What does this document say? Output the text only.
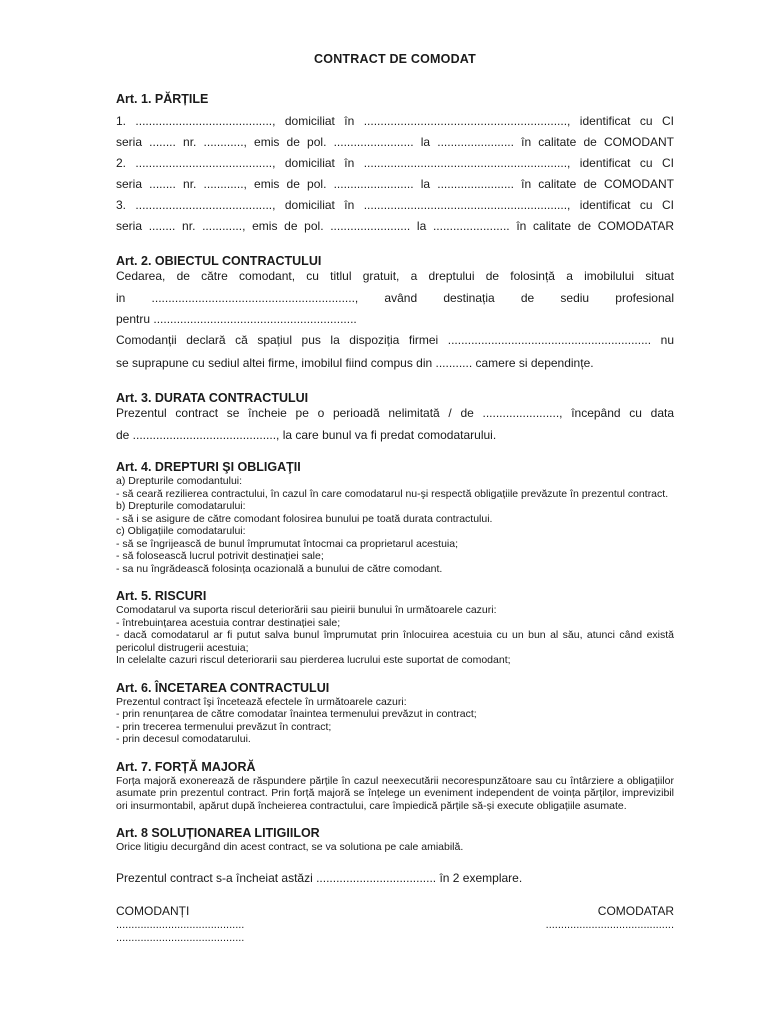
CONTRACT DE COMODAT
Art. 1. PĂRȚILE
1. ........................................., domiciliat în ............................................................., identificat cu CI
seria ........ nr. ............, emis de pol. ........................ la ....................... în calitate de COMODANT
2. ........................................., domiciliat în ............................................................., identificat cu CI
seria ........ nr. ............, emis de pol. ........................ la ....................... în calitate de COMODANT
3. ........................................., domiciliat în ............................................................., identificat cu CI
seria ........ nr. ............, emis de pol. ........................ la ....................... în calitate de COMODATAR
Art. 2. OBIECTUL CONTRACTULUI
Cedarea, de către comodant, cu titlul gratuit, a dreptului de folosință a imobilului situat
in ............................................................., având destinația de sediu profesional
pentru .............................................................
Comodanții declară că spațiul pus la dispoziția firmei ............................................................. nu
se suprapune cu sediul altei firme, imobilul fiind compus din ........... camere si dependințe.
Art. 3. DURATA CONTRACTULUI
Prezentul contract se încheie pe o perioadă nelimitată / de ......................., începând cu data
de ..........................................., la care bunul va fi predat comodatarului.
Art. 4. DREPTURI ŞI OBLIGAŢII
a) Drepturile comodantului:
- să ceară rezilierea contractului, în cazul în care comodatarul nu-şi respectă obligațiile prevăzute în prezentul contract.
b) Drepturile comodatarului:
- să i se asigure de către comodant folosirea bunului pe toată durata contractului.
c) Obligațiile comodatarului:
- să se îngrijească de bunul împrumutat întocmai ca proprietarul acestuia;
- să folosească lucrul potrivit destinației sale;
- sa nu îngrădească folosința ocazională a bunului de către comodant.
Art. 5. RISCURI
Comodatarul va suporta riscul deteriorării sau pieirii bunului în următoarele cazuri:
- întrebuințarea acestuia contrar destinației sale;
- dacă comodatarul ar fi putut salva bunul împrumutat prin înlocuirea acestuia cu un bun al său, atunci când există pericolul distrugerii acestuia;
In celelalte cazuri riscul deteriorarii sau pierderea lucrului este suportat de comodant;
Art. 6. ÎNCETAREA CONTRACTULUI
Prezentul contract îşi încetează efectele în următoarele cazuri:
- prin renunțarea de către comodatar înaintea termenului prevăzut in contract;
- prin trecerea termenului prevăzut în contract;
- prin decesul comodatarului.
Art. 7. FORȚĂ MAJORĂ
Forța majoră exonerează de răspundere părțile în cazul neexecutării necorespunzătoare sau cu întârziere a obligațiilor asumate prin prezentul contract. Prin forță majoră se înțelege un eveniment independent de voința părților, imprevizibil ori insurmontabil, apărut după încheierea contractului, care împiedică părțile să-și execute obligațiile asumate.
Art. 8 SOLUȚIONAREA LITIGIILOR
Orice litigiu decurgând din acest contract, se va solutiona pe cale amiabilă.
Prezentul contract s-a încheiat astăzi .................................... în 2 exemplare.
COMODANȚI
..........................................
..........................................
COMODATAR
..........................................
